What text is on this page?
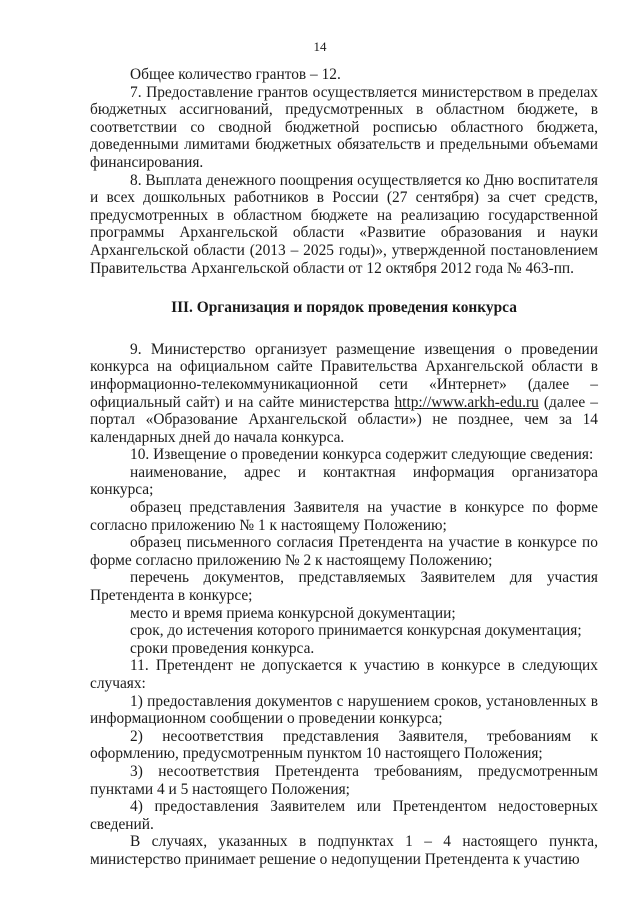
14

Общее количество грантов – 12.

7. Предоставление грантов осуществляется министерством в пределах бюджетных ассигнований, предусмотренных в областном бюджете, в соответствии со сводной бюджетной росписью областного бюджета, доведенными лимитами бюджетных обязательств и предельными объемами финансирования.

8. Выплата денежного поощрения осуществляется ко Дню воспитателя и всех дошкольных работников в России (27 сентября) за счет средств, предусмотренных в областном бюджете на реализацию государственной программы Архангельской области «Развитие образования и науки Архангельской области (2013 – 2025 годы)», утвержденной постановлением Правительства Архангельской области от 12 октября 2012 года № 463-пп.

III. Организация и порядок проведения конкурса

9. Министерство организует размещение извещения о проведении конкурса на официальном сайте Правительства Архангельской области в информационно-телекоммуникационной сети «Интернет» (далее – официальный сайт) и на сайте министерства http://www.arkh-edu.ru (далее – портал «Образование Архангельской области») не позднее, чем за 14 календарных дней до начала конкурса.

10. Извещение о проведении конкурса содержит следующие сведения:

наименование, адрес и контактная информация организатора конкурса;

образец представления Заявителя на участие в конкурсе по форме согласно приложению № 1 к настоящему Положению;

образец письменного согласия Претендента на участие в конкурсе по форме согласно приложению № 2 к настоящему Положению;

перечень документов, представляемых Заявителем для участия Претендента в конкурсе;

место и время приема конкурсной документации;

срок, до истечения которого принимается конкурсная документация;

сроки проведения конкурса.

11. Претендент не допускается к участию в конкурсе в следующих случаях:

1) предоставления документов с нарушением сроков, установленных в информационном сообщении о проведении конкурса;

2) несоответствия представления Заявителя, требованиям к оформлению, предусмотренным пунктом 10 настоящего Положения;

3) несоответствия Претендента требованиям, предусмотренным пунктами 4 и 5 настоящего Положения;

4) предоставления Заявителем или Претендентом недостоверных сведений.

В случаях, указанных в подпунктах 1 – 4 настоящего пункта, министерство принимает решение о недопущении Претендента к участию
